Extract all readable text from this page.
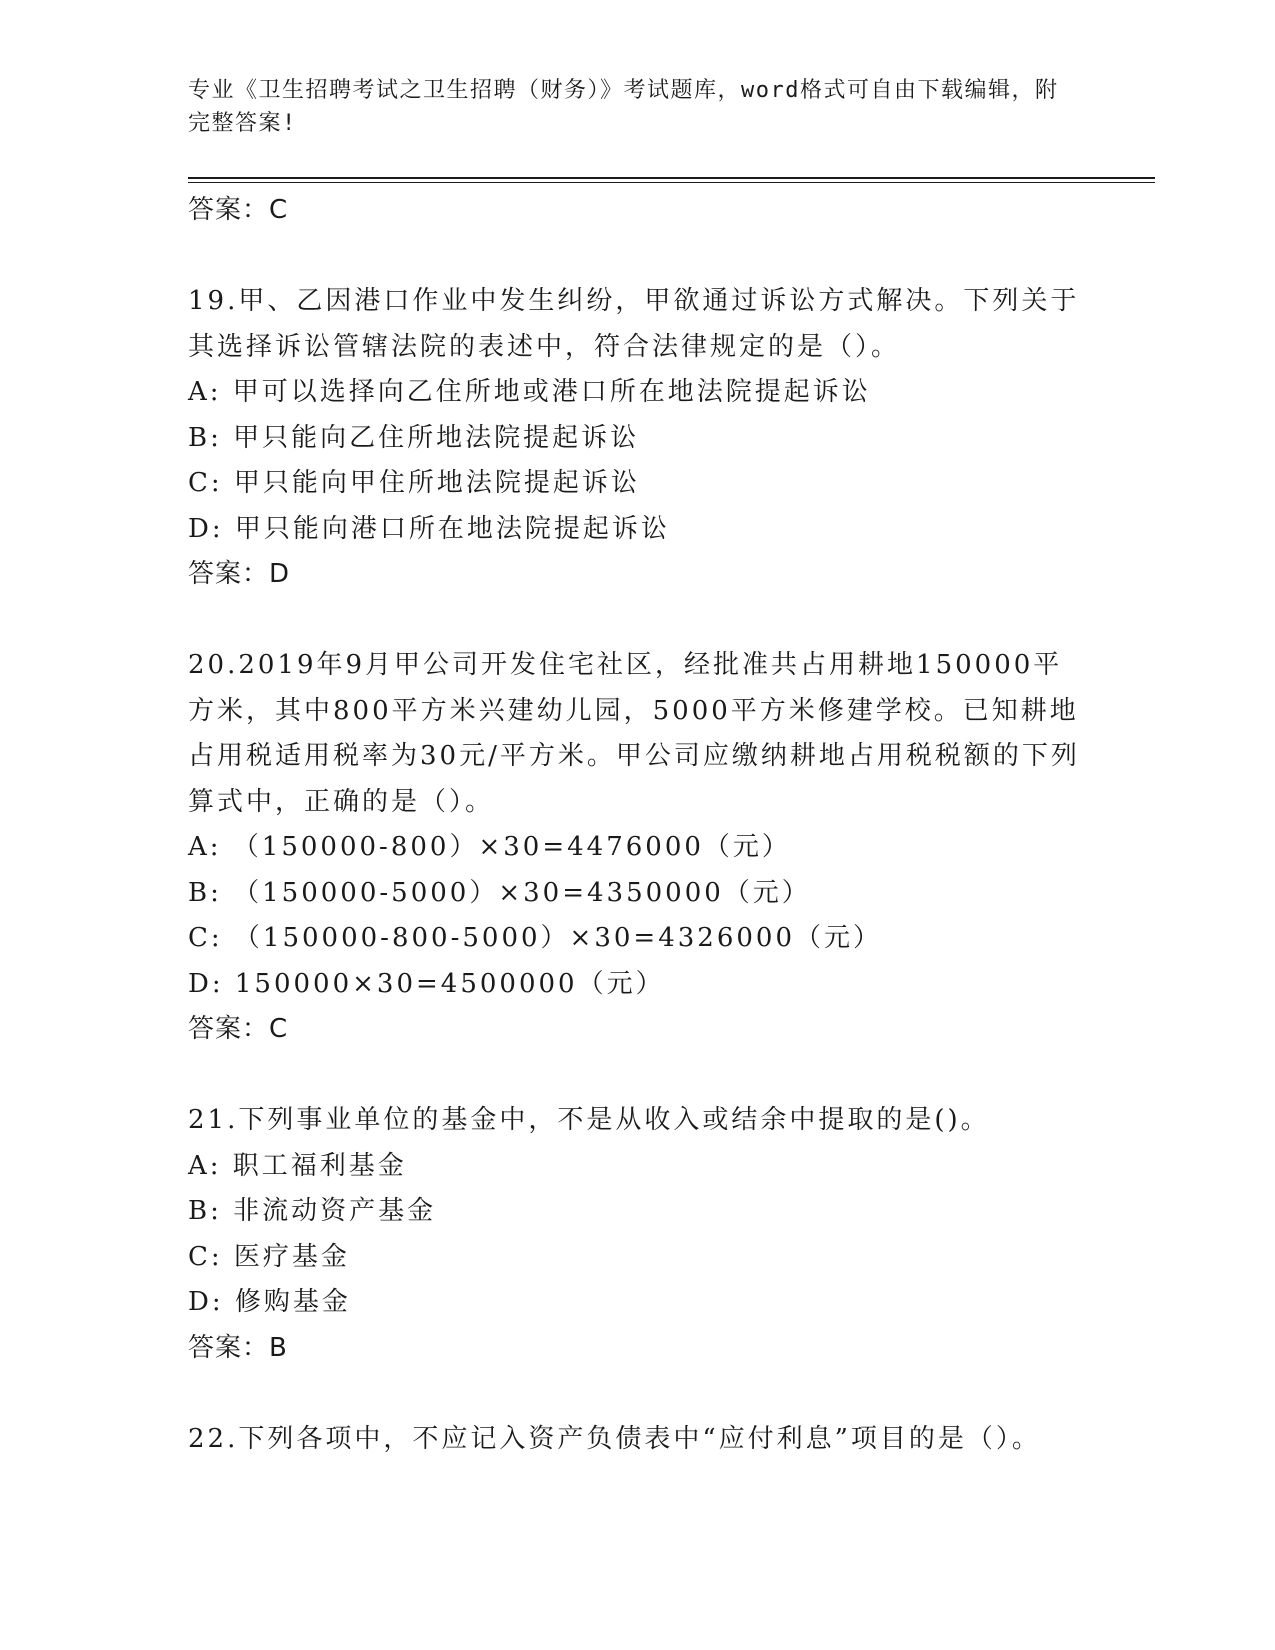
专业《卫生招聘考试之卫生招聘（财务）》考试题库，word格式可自由下载编辑，附完整答案!
答案：C
19.甲、乙因港口作业中发生纠纷，甲欲通过诉讼方式解决。下列关于其选择诉讼管辖法院的表述中，符合法律规定的是（）。
A: 甲可以选择向乙住所地或港口所在地法院提起诉讼
B: 甲只能向乙住所地法院提起诉讼
C: 甲只能向甲住所地法院提起诉讼
D: 甲只能向港口所在地法院提起诉讼
答案：D
20.2019年9月甲公司开发住宅社区，经批准共占用耕地150000平方米，其中800平方米兴建幼儿园，5000平方米修建学校。已知耕地占用税适用税率为30元/平方米。甲公司应缴纳耕地占用税税额的下列算式中，正确的是（）。
A: （150000-800）×30=4476000（元）
B: （150000-5000）×30=4350000（元）
C: （150000-800-5000）×30=4326000（元）
D: 150000×30=4500000（元）
答案：C
21.下列事业单位的基金中，不是从收入或结余中提取的是()。
A: 职工福利基金
B: 非流动资产基金
C: 医疗基金
D: 修购基金
答案：B
22.下列各项中，不应记入资产负债表中“应付利息”项目的是（）。
